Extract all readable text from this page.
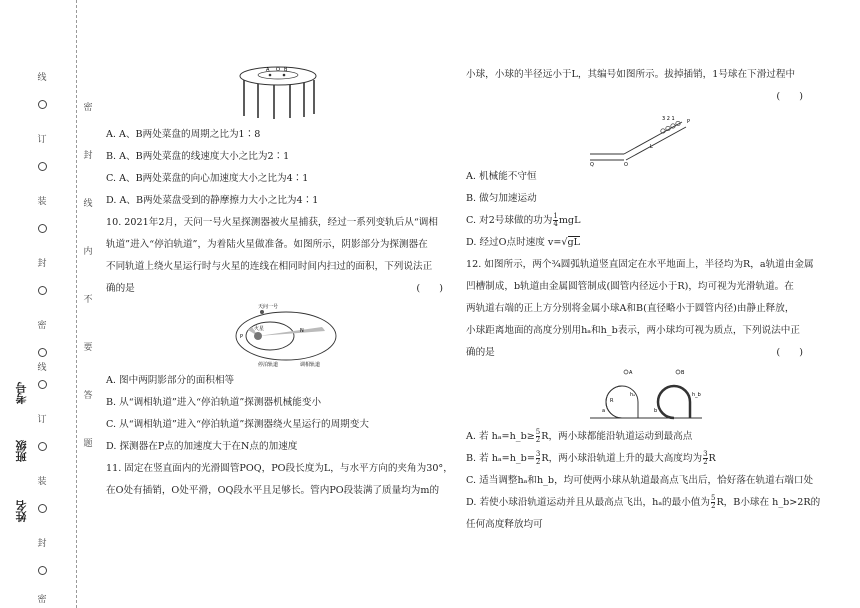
密
封
线
内
不
要
答
题
线
订
装
封
密
线
订
装
封
密
考号
班级
姓名
A O B
A. A、B两处菜盘的周期之比为1∶8
B. A、B两处菜盘的线速度大小之比为2∶1
C. A、B两处菜盘的向心加速度大小之比为4∶1
D. A、B两处菜盘受到的静摩擦力大小之比为4∶1
10. 2021年2月，天问一号火星探测器被火星捕获，经过一系列变轨后从“调相
轨道”进入“停泊轨道”，为着陆火星做准备。如图所示，阴影部分为探测器在
不同轨道上绕火星运行时与火星的连线在相同时间内扫过的面积，下列说法正
确的是	(　　)
天问一号
火星
P
N
停泊轨道	调相轨道
A. 图中两阴影部分的面积相等
B. 从“调相轨道”进入“停泊轨道”探测器机械能变小
C. 从“调相轨道”进入“停泊轨道”探测器绕火星运行的周期变大
D. 探测器在P点的加速度大于在N点的加速度
11. 固定在竖直面内的光滑圆管POQ，PO段长度为L，与水平方向的夹角为30°，
在O处有插销，O处平滑，OQ段水平且足够长。管内PO段装满了质量均为m的
小球，小球的半径远小于L，其编号如图所示。拔掉插销，1号球在下滑过程中
(　　)
3 2 1 P
Q	O
L
A. 机械能不守恒
B. 做匀加速运动
C. 对2号球做的功为 $\frac{1}{4}$ mgL
D. 经过O点时速度 v=√gL
12. 如图所示，两个¾圆弧轨道竖直固定在水平地面上，半径均为R，a轨道由金属
凹槽制成，b轨道由金属圆管制成(圆管内径远小于R)，均可视为光滑轨道。在
两轨道右端的正上方分别将金属小球A和B(直径略小于圆管内径)由静止释放，
小球距离地面的高度分别用hₐ和h_b表示，两小球均可视为质点，下列说法中正
确的是	(　　)
A
a
R
hₐ
B
b
h_b
A. 若 hₐ=h_b≥ $\frac{5}{2}$ R，两小球都能沿轨道运动到最高点
B. 若 hₐ=h_b= $\frac{3}{2}$ R，两小球沿轨道上升的最大高度均为 $\frac{3}{2}$ R
C. 适当调整hₐ和h_b，均可使两小球从轨道最高点飞出后，恰好落在轨道右端口处
D. 若使小球沿轨道运动并且从最高点飞出，hₐ的最小值为 $\frac{5}{2}$ R，B小球在 h_b>2R的
任何高度释放均可
